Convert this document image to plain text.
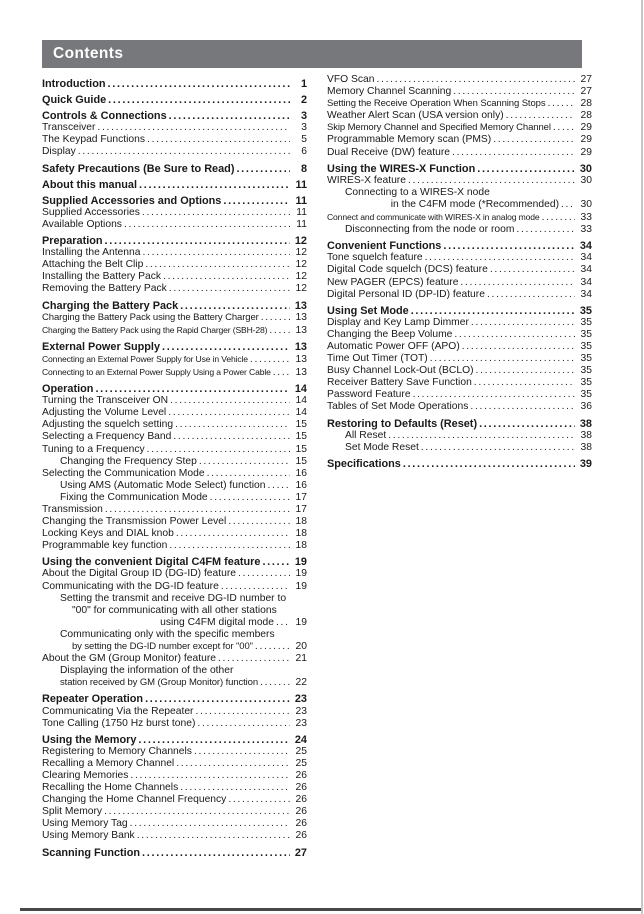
Contents
Introduction .....	1
Quick Guide .....	2
Controls & Connections .....	3
Transceiver .....	3
The Keypad Functions .....	5
Display .....	6
Safety Precautions (Be Sure to Read) .....	8
About this manual .....	11
Supplied Accessories and Options .....	11
Supplied Accessories .....	11
Available Options .....	11
Preparation .....	12
Installing the Antenna .....	12
Attaching the Belt Clip .....	12
Installing the Battery Pack .....	12
Removing the Battery Pack .....	12
Charging the Battery Pack .....	13
Charging the Battery Pack using the Battery Charger .....	13
Charging the Battery Pack using the Rapid Charger (SBH-28) .....	13
External Power Supply .....	13
Connecting an External Power Supply for Use in Vehicle .....	13
Connecting to an External Power Supply Using a Power Cable .....	13
Operation .....	14
Turning the Transceiver ON .....	14
Adjusting the Volume Level .....	14
Adjusting the squelch setting .....	15
Selecting a Frequency Band .....	15
Tuning to a Frequency .....	15
Changing the Frequency Step .....	15
Selecting the Communication Mode .....	16
Using AMS (Automatic Mode Select) function .....	16
Fixing the Communication Mode .....	17
Transmission .....	17
Changing the Transmission Power Level .....	18
Locking Keys and DIAL knob .....	18
Programmable key function .....	18
Using the convenient Digital C4FM feature .....	19
About the Digital Group ID (DG-ID) feature .....	19
Communicating with the DG-ID feature .....	19
Setting the transmit and receive DG-ID number to
"00" for communicating with all other stations
using C4FM digital mode .....	19
Communicating only with the specific members
by setting the DG-ID number except for "00" .....	20
About the GM (Group Monitor) feature .....	21
Displaying the information of the other
station received by GM (Group Monitor) function .....	22
Repeater Operation .....	23
Communicating Via the Repeater .....	23
Tone Calling (1750 Hz burst tone) .....	23
Using the Memory .....	24
Registering to Memory Channels .....	25
Recalling a Memory Channel .....	25
Clearing Memories .....	26
Recalling the Home Channels .....	26
Changing the Home Channel Frequency .....	26
Split Memory .....	26
Using Memory Tag .....	26
Using Memory Bank .....	26
Scanning Function .....	27
VFO Scan .....	27
Memory Channel Scanning .....	27
Setting the Receive Operation When Scanning Stops .....	28
Weather Alert Scan (USA version only) .....	28
Skip Memory Channel and Specified Memory Channel .....	29
Programmable Memory scan (PMS) .....	29
Dual Receive (DW) feature .....	29
Using the WIRES-X Function .....	30
WIRES-X feature .....	30
Connecting to a WIRES-X node
in the C4FM mode (*Recommended) .....	30
Connect and communicate with WIRES-X in analog mode .....	33
Disconnecting from the node or room .....	33
Convenient Functions .....	34
Tone squelch feature .....	34
Digital Code squelch (DCS) feature .....	34
New PAGER (EPCS) feature .....	34
Digital Personal ID (DP-ID) feature .....	34
Using Set Mode .....	35
Display and Key Lamp Dimmer .....	35
Changing the Beep Volume .....	35
Automatic Power OFF (APO) .....	35
Time Out Timer (TOT) .....	35
Busy Channel Lock-Out (BCLO) .....	35
Receiver Battery Save Function .....	35
Password Feature .....	35
Tables of Set Mode Operations .....	36
Restoring to Defaults (Reset) .....	38
All Reset .....	38
Set Mode Reset .....	38
Specifications .....	39
